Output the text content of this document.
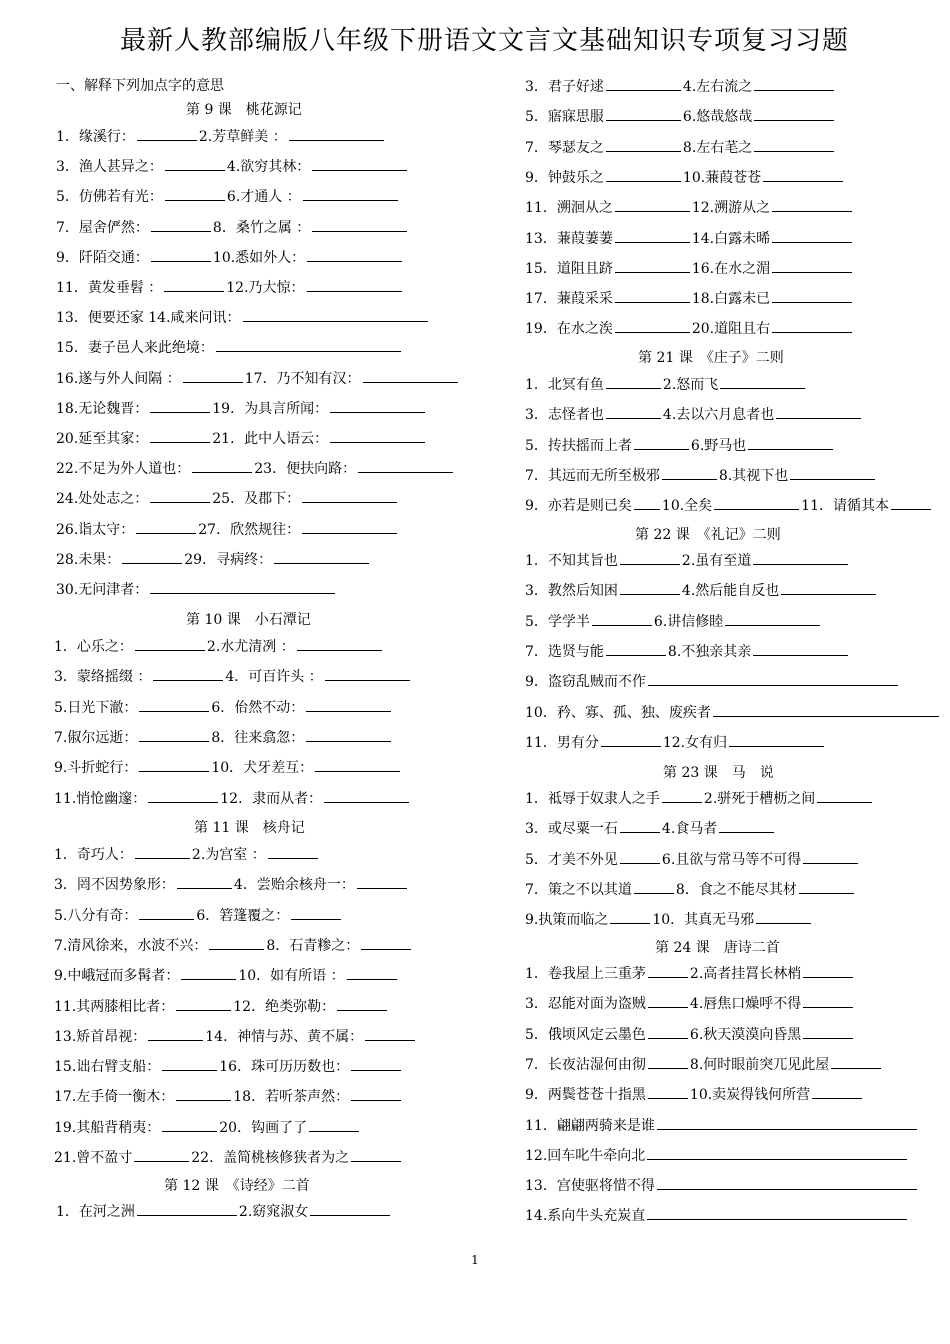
最新人教部编版八年级下册语文文言文基础知识专项复习习题
一、解释下列加点字的意思
第 9 课　桃花源记
1．缘溪行：	2.芳草鲜美 ：
3．渔人甚异之：	4.欲穷其林：
5．仿佛若有光：	6.才通人 ：
7．屋舍俨然：	8．桑竹之属 ：
9．阡陌交通：	10.悉如外人：
11．黄发垂髫 ：	12.乃大惊：
13．便要还家 14.咸来问讯：
15．妻子邑人来此绝境：
16.遂与外人间隔 ：	17．乃不知有汉：
18.无论魏晋：	19．为具言所闻：
20.延至其家：	21．此中人语云：
22.不足为外人道也：	23．便扶向路：
24.处处志之：	25．及郡下：
26.诣太守：	27．欣然规往：
28.未果：	29．寻病终：
30.无问津者：
第 10 课　小石潭记
1．心乐之：	2.水尤清冽 ：
3．蒙络摇缀 ：	4．可百许头 ：
5.日光下澈：	6．佁然不动：
7.俶尔远逝：	8．往来翕忽：
9.斗折蛇行：	10．犬牙差互：
11.悄怆幽邃：	12．隶而从者：
第 11 课　核舟记
1．奇巧人：	2.为宫室 ：
3．罔不因势象形：	4．尝贻余核舟一：
5.八分有奇：	6．箬篷覆之：
7.清风徐来，水波不兴：	8．石青糁之：
9.中峨冠而多髯者：	10．如有所语 ：
11.其两膝相比者：	12．绝类弥勒：
13.矫首昂视：	14．神情与苏、黄不属：
15.诎右臂支船：	16．珠可历历数也：
17.左手倚一衡木：	18．若听茶声然：
19.其船背稍夷：	20．钩画了了
21.曾不盈寸	22．盖简桃核修狭者为之
第 12 课　《诗经》二首
1．在河之洲	2.窈窕淑女
3．君子好逑	4.左右流之
5．寤寐思服	6.悠哉悠哉
7．琴瑟友之	8.左右芼之
9．钟鼓乐之	10.蒹葭苍苍
11．溯洄从之	12.溯游从之
13．蒹葭萋萋	14.白露未晞
15．道阻且跻	16.在水之湄
17．蒹葭采采	18.白露未已
19．在水之涘	20.道阻且右
第 21 课　《庄子》二则
1．北冥有鱼	2.怒而飞
3．志怪者也	4.去以六月息者也
5．抟扶摇而上者	6.野马也
7．其远而无所至极邪	8.其视下也
9．亦若是则已矣 10.全矣	11．请循其本
第 22 课　《礼记》二则
1．不知其旨也	2.虽有至道
3．教然后知困	4.然后能自反也
5．学学半	6.讲信修睦
7．选贤与能	8.不独亲其亲
9．盗窃乱贼而不作
10．矜、寡、孤、独、废疾者
11．男有分	12.女有归
第 23 课　马　说
1．祗辱于奴隶人之手	2.骈死于槽枥之间
3．或尽粟一石	4.食马者
5．才美不外见	6.且欲与常马等不可得
7．策之不以其道	8．食之不能尽其材
9.执策而临之	10．其真无马邪
第 24 课　唐诗二首
1．卷我屋上三重茅	2.高者挂罥长林梢
3．忍能对面为盗贼	4.唇焦口燥呼不得
5．俄顷风定云墨色	6.秋天漠漠向昏黑
7．长夜沾湿何由彻	8.何时眼前突兀见此屋
9．两鬓苍苍十指黑	10.卖炭得钱何所营
11．翩翩两骑来是谁
12.回车叱牛牵向北
13．宫使驱将惜不得
14.系向牛头充炭直
1
